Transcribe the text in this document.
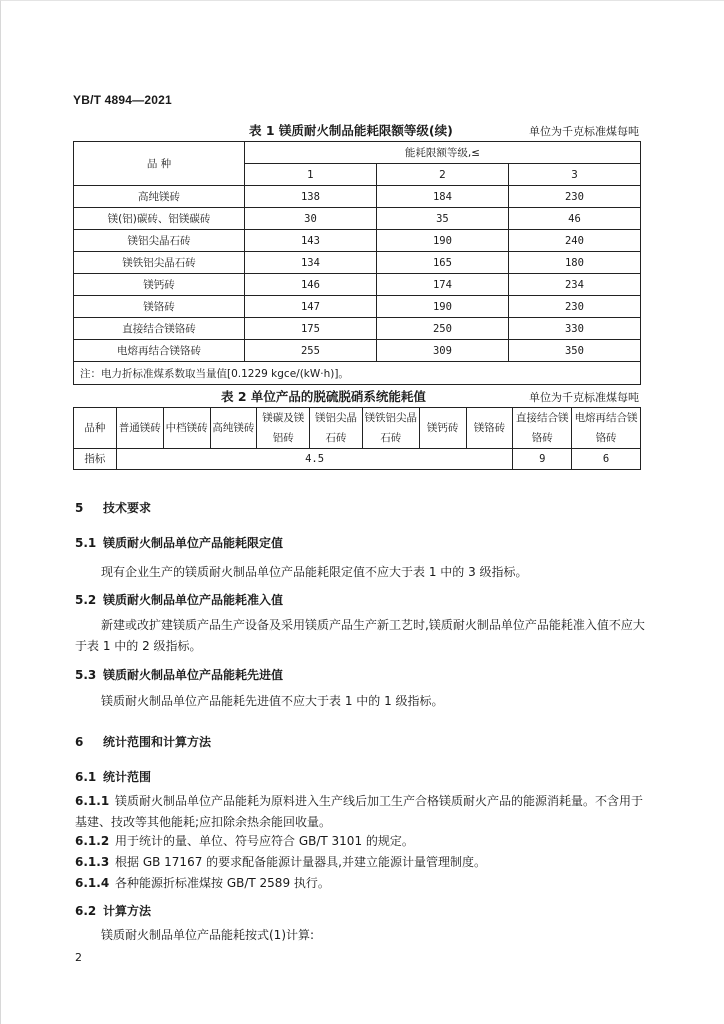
YB/T 4894—2021
表 1 镁质耐火制品能耗限额等级(续)	单位为千克标准煤每吨
品 种	能耗限额等级,≤		
	1	2	3
高纯镁砖	138	184	230
镁(铝)碳砖、铝镁碳砖	30	35	46
镁铝尖晶石砖	143	190	240
镁铁铝尖晶石砖	134	165	180
镁钙砖	146	174	234
镁铬砖	147	190	230
直接结合镁铬砖	175	250	330
电熔再结合镁铬砖	255	309	350
注：电力折标准煤系数取当量值[0.1229 kgce/(kW·h)]。			
表 2 单位产品的脱硫脱硝系统能耗值	单位为千克标准煤每吨
品种	普通镁砖	中档镁砖	高纯镁砖	镁碳及镁铝砖	镁铝尖晶石砖	镁铁铝尖晶石砖	镁钙砖	镁铬砖	直接结合镁铬砖	电熔再结合镁铬砖
指标	4.5								9	6
5 技术要求
5.1 镁质耐火制品单位产品能耗限定值
现有企业生产的镁质耐火制品单位产品能耗限定值不应大于表 1 中的 3 级指标。
5.2 镁质耐火制品单位产品能耗准入值
新建或改扩建镁质产品生产设备及采用镁质产品生产新工艺时,镁质耐火制品单位产品能耗准入值不应大于表 1 中的 2 级指标。
5.3 镁质耐火制品单位产品能耗先进值
镁质耐火制品单位产品能耗先进值不应大于表 1 中的 1 级指标。
6 统计范围和计算方法
6.1 统计范围
6.1.1 镁质耐火制品单位产品能耗为原料进入生产线后加工生产合格镁质耐火产品的能源消耗量。不含用于基建、技改等其他能耗;应扣除余热余能回收量。
6.1.2 用于统计的量、单位、符号应符合 GB/T 3101 的规定。
6.1.3 根据 GB 17167 的要求配备能源计量器具,并建立能源计量管理制度。
6.1.4 各种能源折标准煤按 GB/T 2589 执行。
6.2 计算方法
镁质耐火制品单位产品能耗按式(1)计算:
2
